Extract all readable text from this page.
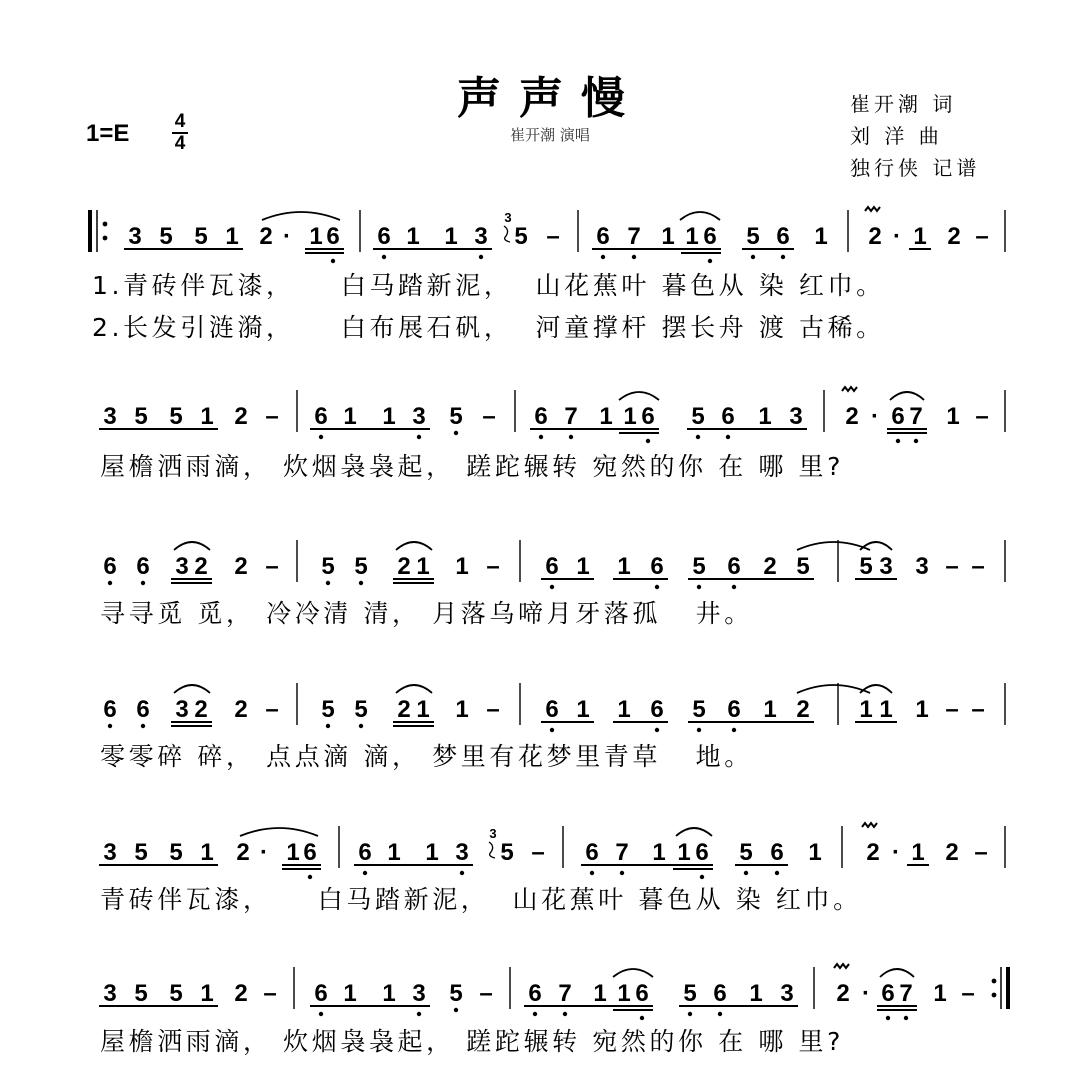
声声慢
崔开潮 演唱
1=E 4
4
崔开潮 词
刘 洋 曲
独行侠 记谱
3 5 5 1 2 · 1 6 6 1 1 3 5 – 6 7 1 1 6 5 6 1 2 · 1 2 –
3
3 5 5 1 2 – 6 1 1 3 5 – 6 7 1 1 6 5 6 1 3 2 · 6 7 1 –
6 6 3 2 2 – 5 5 2 1 1 – 6 1 1 6 5 6 2 5 5 3 3 – –
6 6 3 2 2 – 5 5 2 1 1 – 6 1 1 6 5 6 1 2 1 1 1 – –
3 5 5 1 2 · 1 6 6 1 1 3 5 – 6 7 1 1 6 5 6 1 2 · 1 2 –
3
3 5 5 1 2 – 6 1 1 3 5 – 6 7 1 1 6 5 6 1 3 2 · 6 7 1 –
1.青砖伴瓦漆，    白马踏新泥，  山花蕉叶 暮色从 染 红巾。
2.长发引涟漪，    白布展石矾，  河童撑杆 摆长舟 渡 古稀。
屋檐洒雨滴， 炊烟袅袅起， 蹉跎辗转 宛然的你 在 哪 里?
寻寻觅 觅， 冷冷清 清， 月落乌啼月牙落孤   井。
零零碎 碎， 点点滴 滴， 梦里有花梦里青草   地。
青砖伴瓦漆，    白马踏新泥，  山花蕉叶 暮色从 染 红巾。
屋檐洒雨滴， 炊烟袅袅起， 蹉跎辗转 宛然的你 在 哪 里?
